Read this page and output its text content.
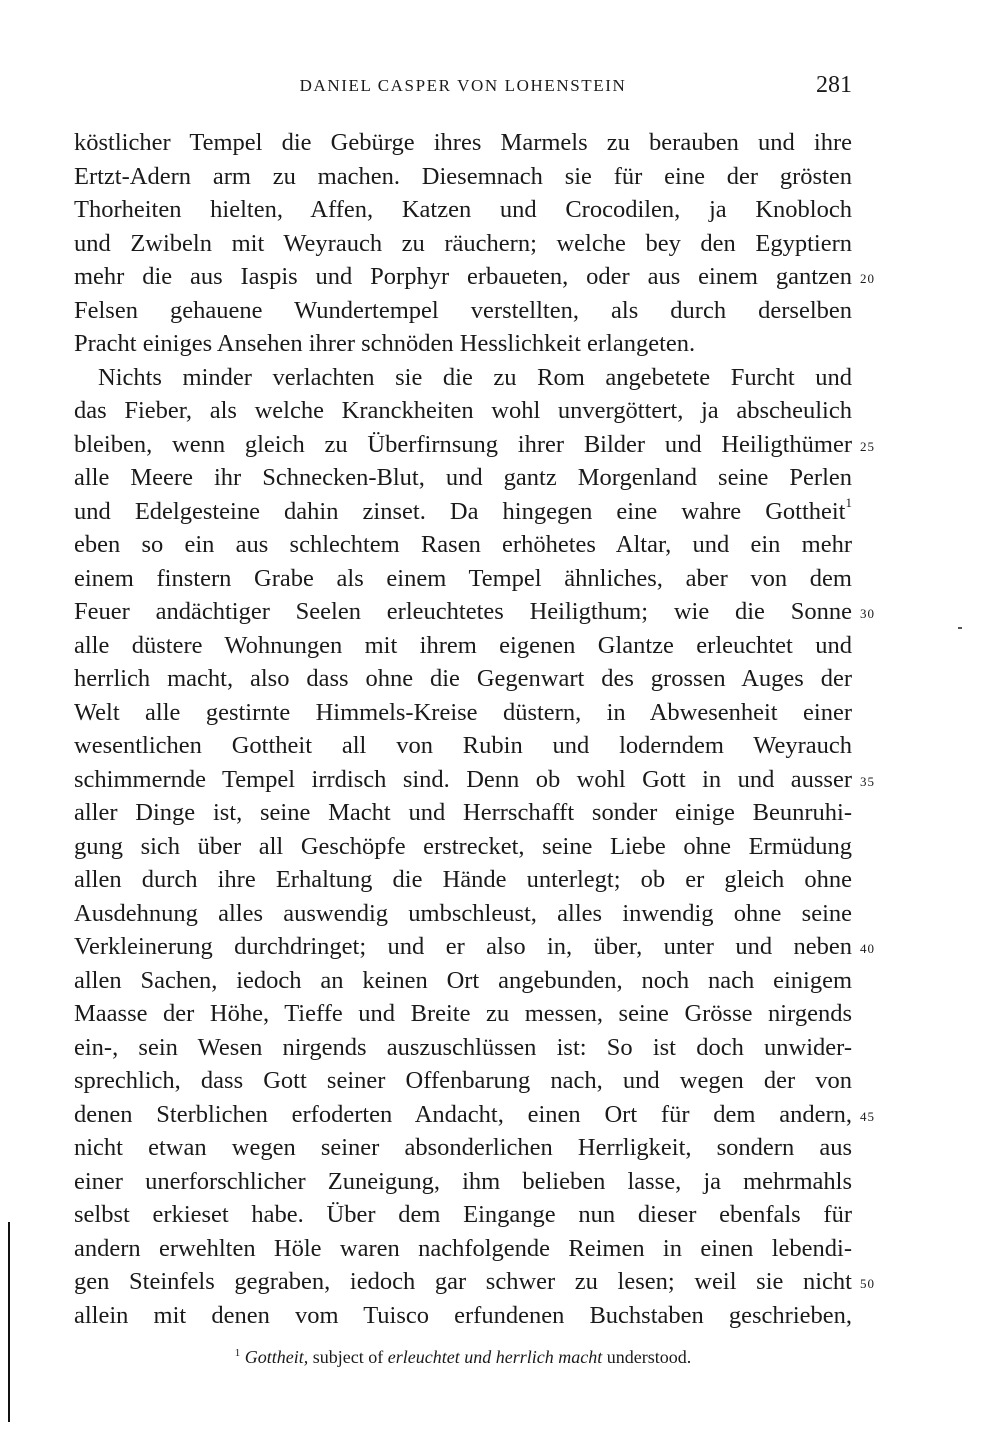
DANIEL CASPER VON LOHENSTEIN	281
köstlicher Tempel die Gebürge ihres Marmels zu berauben und ihre
Ertzt-Adern arm zu machen. Diesemnach sie für eine der grösten
Thorheiten hielten, Affen, Katzen und Crocodilen, ja Knobloch
und Zwibeln mit Weyrauch zu räuchern; welche bey den Egyptiern
mehr die aus Iaspis und Porphyr erbaueten, oder aus einem gantzen 20
Felsen gehauene Wundertempel verstellten, als durch derselben
Pracht einiges Ansehen ihrer schnöden Hesslichkeit erlangeten.
Nichts minder verlachten sie die zu Rom angebetete Furcht und
das Fieber, als welche Kranckheiten wohl unvergöttert, ja abscheulich
bleiben, wenn gleich zu Überfirnsung ihrer Bilder und Heiligthümer 25
alle Meere ihr Schnecken-Blut, und gantz Morgenland seine Perlen
und Edelgesteine dahin zinset. Da hingegen eine wahre Gottheit$^1$
eben so ein aus schlechtem Rasen erhöhetes Altar, und ein mehr
einem finstern Grabe als einem Tempel ähnliches, aber von dem
Feuer andächtiger Seelen erleuchtetes Heiligthum; wie die Sonne 30
alle düstere Wohnungen mit ihrem eigenen Glantze erleuchtet und
herrlich macht, also dass ohne die Gegenwart des grossen Auges der
Welt alle gestirnte Himmels-Kreise düstern, in Abwesenheit einer
wesentlichen Gottheit all von Rubin und loderndem Weyrauch
schimmernde Tempel irrdisch sind. Denn ob wohl Gott in und ausser 35
aller Dinge ist, seine Macht und Herrschafft sonder einige Beunruhi-
gung sich über all Geschöpfe erstrecket, seine Liebe ohne Ermüdung
allen durch ihre Erhaltung die Hände unterlegt; ob er gleich ohne
Ausdehnung alles auswendig umbschleust, alles inwendig ohne seine
Verkleinerung durchdringet; und er also in, über, unter und neben 40
allen Sachen, iedoch an keinen Ort angebunden, noch nach einigem
Maasse der Höhe, Tieffe und Breite zu messen, seine Grösse nirgends
ein-, sein Wesen nirgends auszuschlüssen ist: So ist doch unwider-
sprechlich, dass Gott seiner Offenbarung nach, und wegen der von
denen Sterblichen erfoderten Andacht, einen Ort für dem andern, 45
nicht etwan wegen seiner absonderlichen Herrligkeit, sondern aus
einer unerforschlicher Zuneigung, ihm belieben lasse, ja mehrmahls
selbst erkieset habe. Über dem Eingange nun dieser ebenfals für
andern erwehlten Höle waren nachfolgende Reimen in einen lebendi-
gen Steinfels gegraben, iedoch gar schwer zu lesen; weil sie nicht 50
allein mit denen vom Tuisco erfundenen Buchstaben geschrieben,
$^1$ Gottheit, subject of erleuchtet und herrlich macht understood.
